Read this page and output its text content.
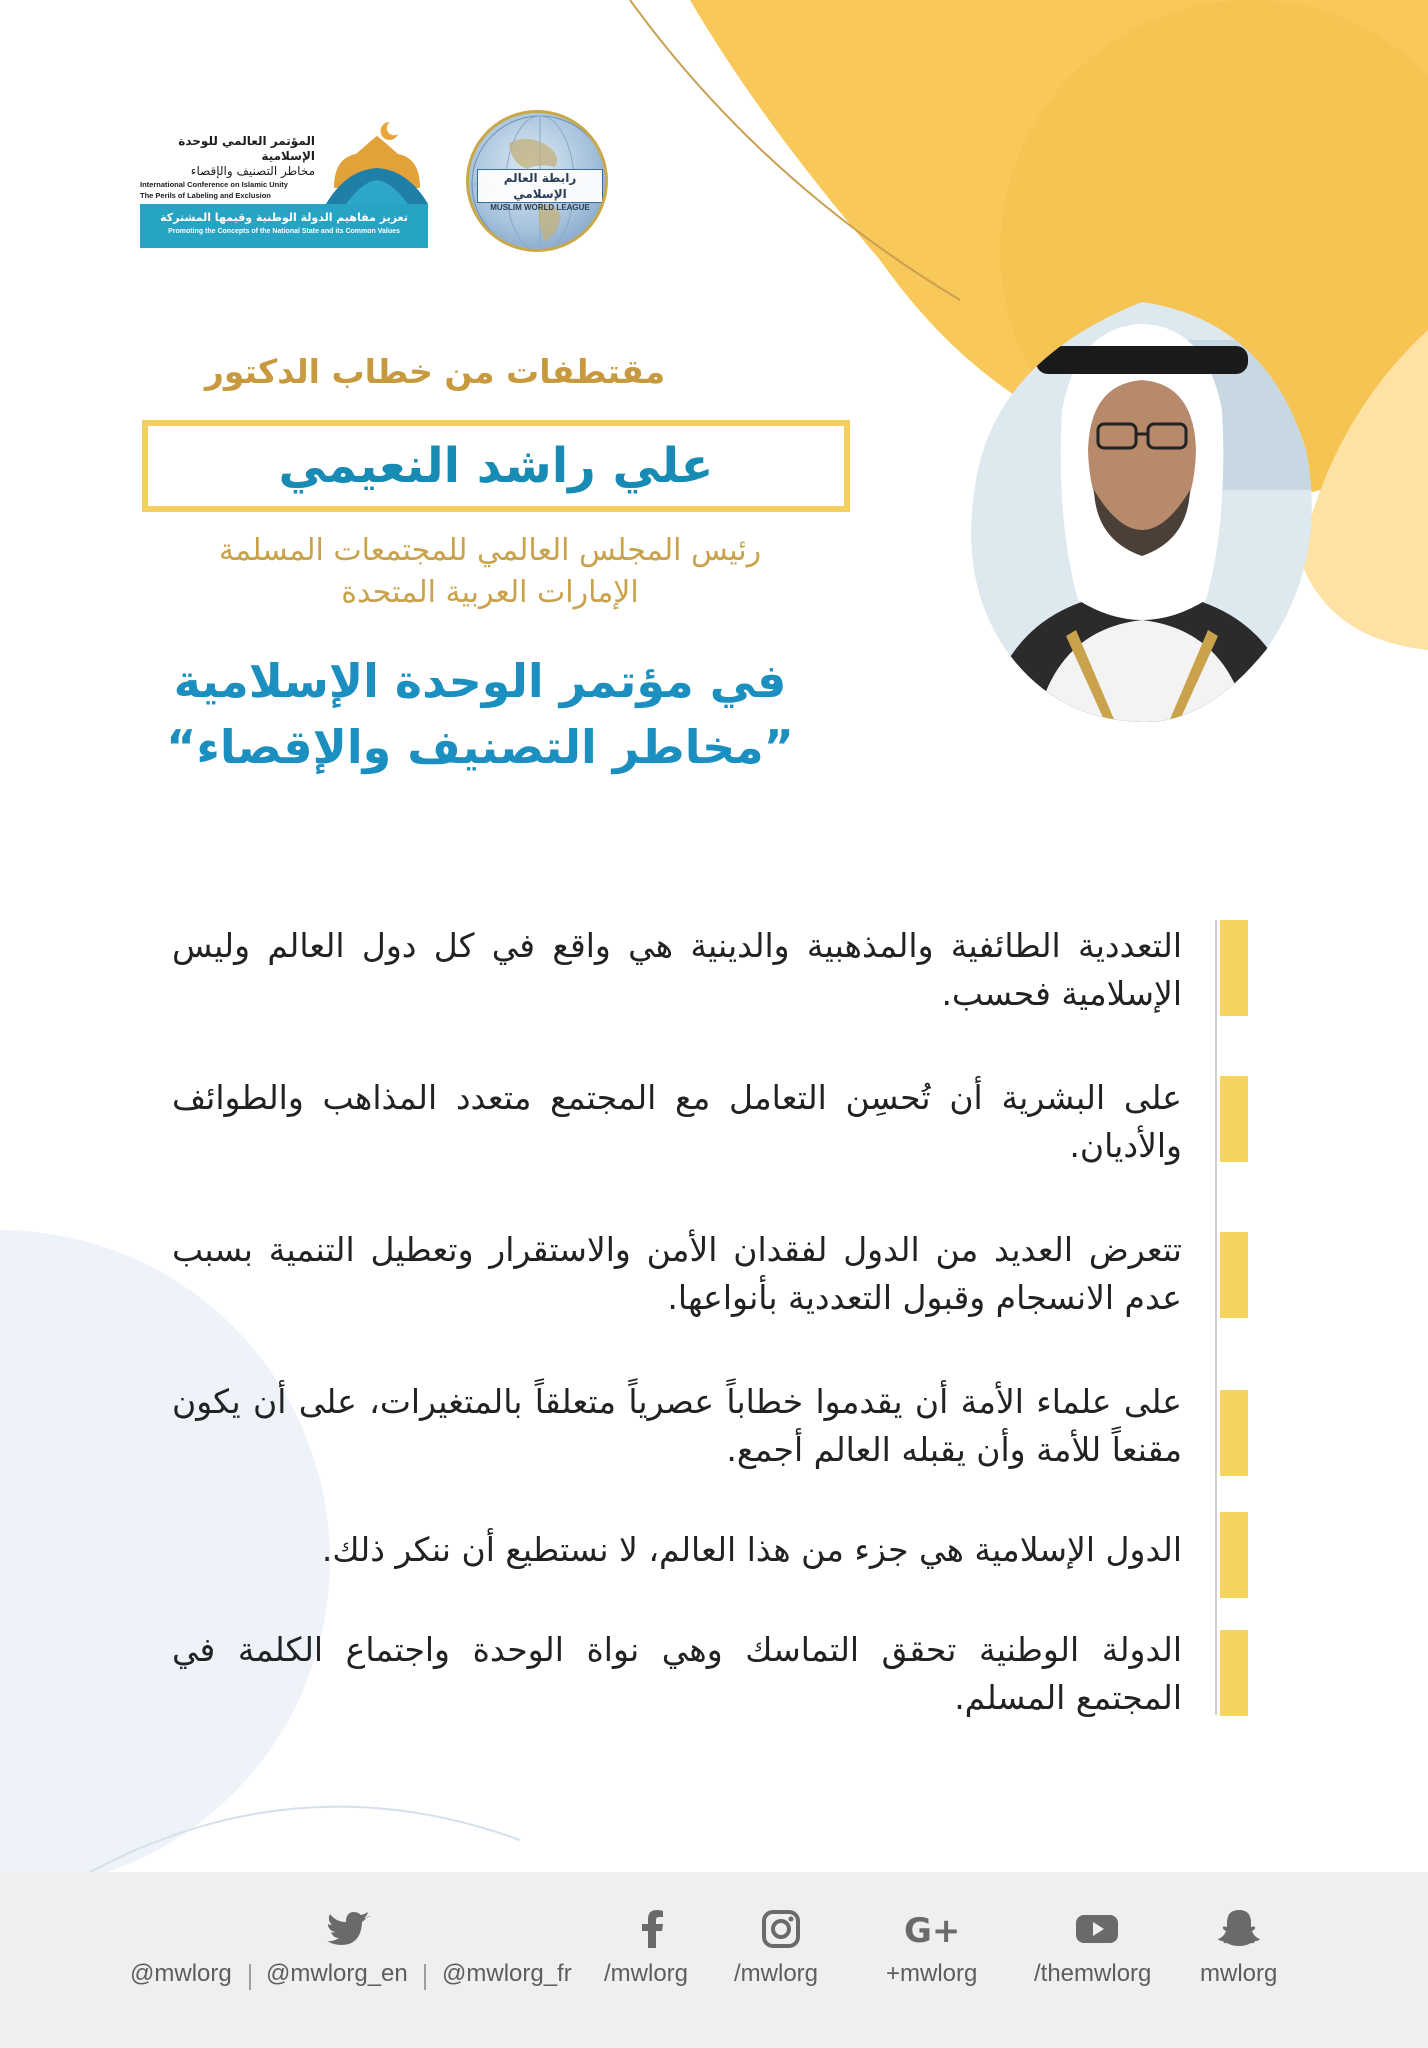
المؤتمر العالمي للوحدة الإسلامية
مخاطر التصنيف والإقصاء
International Conference on Islamic Unity
The Perils of Labeling and Exclusion
تعزيز مفاهيم الدولة الوطنية وقيمها المشتركة
Promoting the Concepts of the National State and its Common Values
رابطة العالم الإسلامي
MUSLIM WORLD LEAGUE
مقتطفات من خطاب الدكتور
علي راشد النعيمي
رئيس المجلس العالمي للمجتمعات المسلمة
الإمارات العربية المتحدة
في مؤتمر الوحدة الإسلامية
”مخاطر التصنيف والإقصاء“
التعددية الطائفية والمذهبية والدينية هي واقع في كل دول العالم وليس الإسلامية فحسب.
على البشرية أن تُحسِن التعامل مع المجتمع متعدد المذاهب والطوائف والأديان.
تتعرض العديد من الدول لفقدان الأمن والاستقرار وتعطيل التنمية بسبب عدم الانسجام وقبول التعددية بأنواعها.
على علماء الأمة أن يقدموا خطاباً عصرياً متعلقاً بالمتغيرات، على أن يكون مقنعاً للأمة وأن يقبله العالم أجمع.
الدول الإسلامية هي جزء من هذا العالم، لا نستطيع أن ننكر ذلك.
الدولة الوطنية تحقق التماسك وهي نواة الوحدة واجتماع الكلمة في المجتمع المسلم.
@mwlorg @mwlorg_en @mwlorg_fr /mwlorg /mwlorg
G+
+mwlorg /themwlorg mwlorg
